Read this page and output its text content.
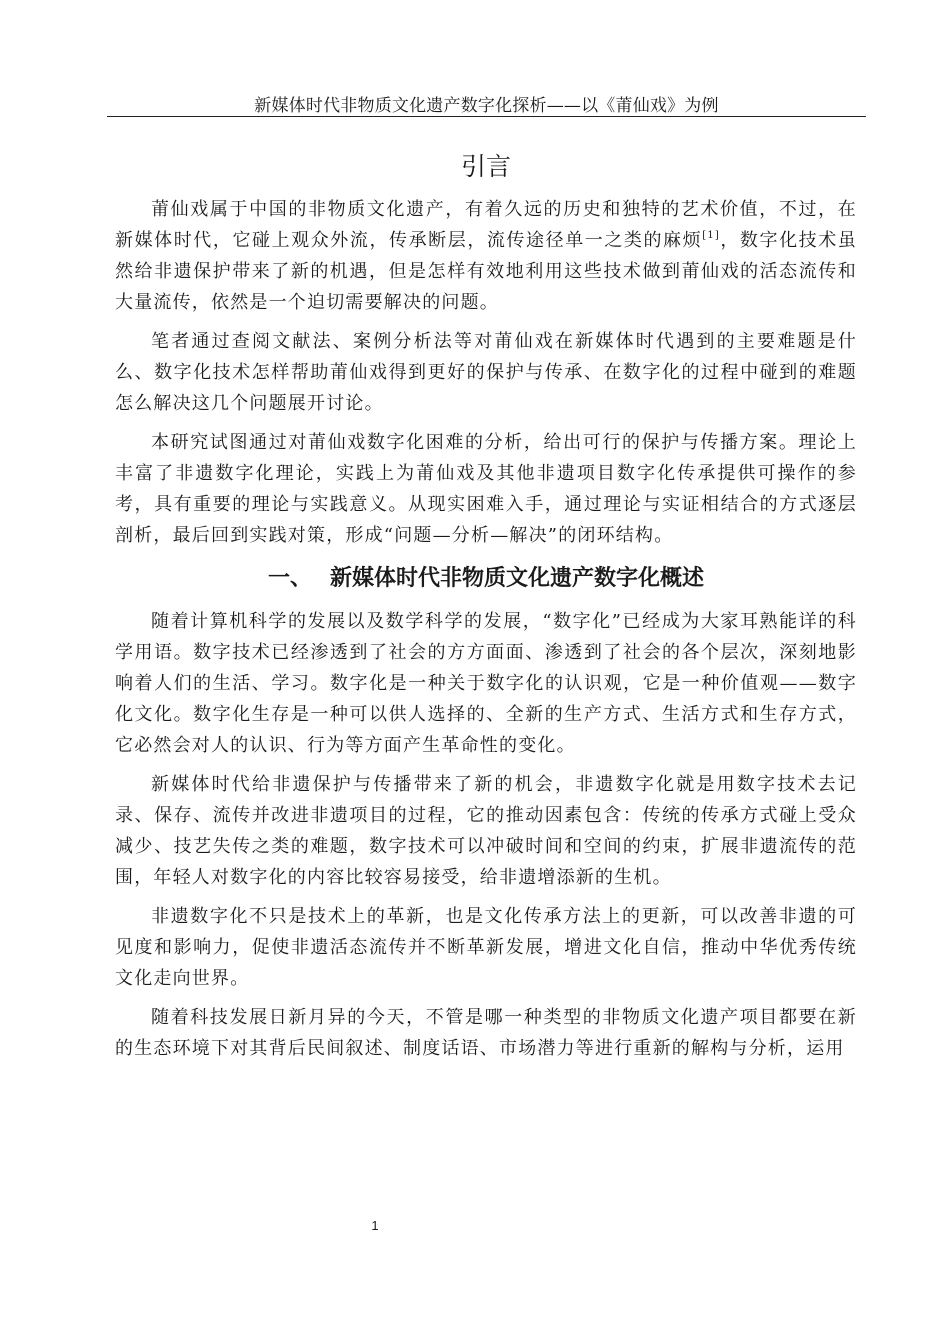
新媒体时代非物质文化遗产数字化探析——以《莆仙戏》为例
引言

莆仙戏属于中国的非物质文化遗产，有着久远的历史和独特的艺术价值，不过，在新媒体时代，它碰上观众外流，传承断层，流传途径单一之类的麻烦[1]，数字化技术虽然给非遗保护带来了新的机遇，但是怎样有效地利用这些技术做到莆仙戏的活态流传和大量流传，依然是一个迫切需要解决的问题。

笔者通过查阅文献法、案例分析法等对莆仙戏在新媒体时代遇到的主要难题是什么、数字化技术怎样帮助莆仙戏得到更好的保护与传承、在数字化的过程中碰到的难题怎么解决这几个问题展开讨论。

本研究试图通过对莆仙戏数字化困难的分析，给出可行的保护与传播方案。理论上丰富了非遗数字化理论，实践上为莆仙戏及其他非遗项目数字化传承提供可操作的参考，具有重要的理论与实践意义。从现实困难入手，通过理论与实证相结合的方式逐层剖析，最后回到实践对策，形成“问题—分析—解决”的闭环结构。

一、 新媒体时代非物质文化遗产数字化概述

随着计算机科学的发展以及数学科学的发展，“数字化”已经成为大家耳熟能详的科学用语。数字技术已经渗透到了社会的方方面面、渗透到了社会的各个层次，深刻地影响着人们的生活、学习。数字化是一种关于数字化的认识观，它是一种价值观——数字化文化。数字化生存是一种可以供人选择的、全新的生产方式、生活方式和生存方式，它必然会对人的认识、行为等方面产生革命性的变化。

新媒体时代给非遗保护与传播带来了新的机会，非遗数字化就是用数字技术去记录、保存、流传并改进非遗项目的过程，它的推动因素包含：传统的传承方式碰上受众减少、技艺失传之类的难题，数字技术可以冲破时间和空间的约束，扩展非遗流传的范围，年轻人对数字化的内容比较容易接受，给非遗增添新的生机。

非遗数字化不只是技术上的革新，也是文化传承方法上的更新，可以改善非遗的可见度和影响力，促使非遗活态流传并不断革新发展，增进文化自信，推动中华优秀传统文化走向世界。

随着科技发展日新月异的今天，不管是哪一种类型的非物质文化遗产项目都要在新的生态环境下对其背后民间叙述、制度话语、市场潜力等进行重新的解构与分析，运用

1
